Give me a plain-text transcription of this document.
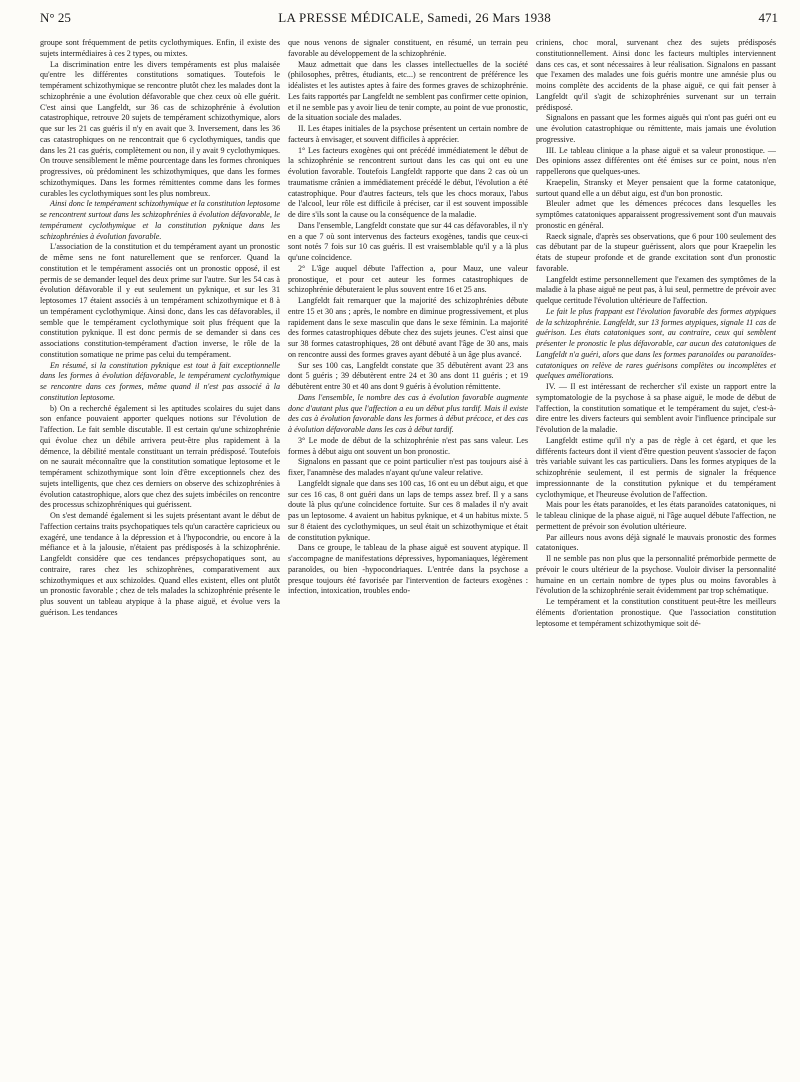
N° 25	LA PRESSE MÉDICALE, Samedi, 26 Mars 1938	471

groupe sont fréquemment de petits cyclothymiques. Enfin, il existe des sujets intermédiaires à ces 2 types, ou mixtes.

La discrimination entre les divers tempéraments est plus malaisée qu'entre les différentes constitutions somatiques. Toutefois le tempérament schizothymique se rencontre plutôt chez les malades dont la schizophrénie a une évolution défavorable que chez ceux où elle guérit. C'est ainsi que Langfeldt, sur 36 cas de schizophrénie à évolution catastrophique, retrouve 20 sujets de tempérament schizothymique, alors que sur les 21 cas guéris il n'y en avait que 3. Inversement, dans les 36 cas catastrophiques on ne rencontrait que 6 cyclothymiques, tandis que dans les 21 cas guéris, complètement ou non, il y avait 9 cyclothymiques. On trouve sensiblement le même pourcentage dans les formes chroniques progressives, où prédominent les schizothymiques, que dans les formes schizothymiques. Dans les formes rémittentes comme dans les formes curables les cyclothymiques sont les plus nombreux.

Ainsi donc le tempérament schizothymique et la constitution leptosome se rencontrent surtout dans les schizophrénies à évolution défavorable, le tempérament cyclothymique et la constitution pyknique dans les schizophrénies à évolution favorable.

L'association de la constitution et du tempérament ayant un pronostic de même sens ne font naturellement que se renforcer. Quand la constitution et le tempérament associés ont un pronostic opposé, il est permis de se demander lequel des deux prime sur l'autre. Sur les 54 cas à évolution défavorable il y eut seulement un pyknique, et sur les 31 leptosomes 17 étaient associés à un tempérament schizothymique et 8 à un tempérament cyclothymique. Ainsi donc, dans les cas défavorables, il semble que le tempérament cyclothymique soit plus fréquent que la constitution pyknique. Il est donc permis de se demander si dans ces associations constitution-tempérament d'action inverse, le rôle de la constitution somatique ne prime pas celui du tempérament.

En résumé, si la constitution pyknique est tout à fait exceptionnelle dans les formes à évolution défavorable, le tempérament cyclothymique se rencontre dans ces formes, même quand il n'est pas associé à la constitution leptosome.

b) On a recherché également si les aptitudes scolaires du sujet dans son enfance pouvaient apporter quelques notions sur l'évolution de l'affection. Le fait semble discutable. Il est certain qu'une schizophrénie qui évolue chez un débile arrivera peut-être plus rapidement à la démence, la débilité mentale constituant un terrain prédisposé. Toutefois on ne saurait méconnaître que la constitution somatique leptosome et le tempérament schizothymique sont loin d'être exceptionnels chez des sujets intelligents, que chez ces derniers on observe des schizophrénies à évolution catastrophique, alors que chez des sujets imbéciles on rencontre des processus schizophréniques qui guérissent.

On s'est demandé également si les sujets présentant avant le début de l'affection certains traits psychopatiques tels qu'un caractère capricieux ou exagéré, une tendance à la dépression et à l'hypocondrie, ou encore à la méfiance et à la jalousie, n'étaient pas prédisposés à la schizophrénie. Langfeldt considère que ces tendances prépsychopatiques sont, au contraire, rares chez les schizophrènes, comparativement aux schizothymiques et aux schizoïdes. Quand elles existent, elles ont plutôt un pronostic favorable ; chez de tels malades la schizophrénie présente le plus souvent un tableau atypique à la phase aiguë, et évolue vers la guérison. Les tendances

que nous venons de signaler constituent, en résumé, un terrain peu favorable au développement de la schizophrénie.

Mauz admettait que dans les classes intellectuelles de la société (philosophes, prêtres, étudiants, etc...) se rencontrent de préférence les idéalistes et les autistes aptes à faire des formes graves de schizophrénie. Les faits rapportés par Langfeldt ne semblent pas confirmer cette opinion, et il ne semble pas y avoir lieu de tenir compte, au point de vue pronostic, de la situation sociale des malades.

II. Les étapes initiales de la psychose présentent un certain nombre de facteurs à envisager, et souvent difficiles à apprécier.

1° Les facteurs exogènes qui ont précédé immédiatement le début de la schizophrénie se rencontrent surtout dans les cas qui ont eu une évolution favorable. Toutefois Langfeldt rapporte que dans 2 cas où un traumatisme crânien a immédiatement précédé le début, l'évolution a été catastrophique. Pour d'autres facteurs, tels que les chocs moraux, l'abus de l'alcool, leur rôle est difficile à préciser, car il est souvent impossible de dire s'ils sont la cause ou la conséquence de la maladie.

Dans l'ensemble, Langfeldt constate que sur 44 cas défavorables, il n'y en a que 7 où sont intervenus des facteurs exogènes, tandis que ceux-ci sont notés 7 fois sur 10 cas guéris. Il est vraisemblable qu'il y a là plus qu'une coïncidence.

2° L'âge auquel débute l'affection a, pour Mauz, une valeur pronostique, et pour cet auteur les formes catastrophiques de schizophrénie débuteraient le plus souvent entre 16 et 25 ans.

Langfeldt fait remarquer que la majorité des schizophrénies débute entre 15 et 30 ans ; après, le nombre en diminue progressivement, et plus rapidement dans le sexe masculin que dans le sexe féminin. La majorité des formes catastrophiques débute chez des sujets jeunes. C'est ainsi que sur 38 formes catastrophiques, 28 ont débuté avant l'âge de 30 ans, mais on rencontre aussi des formes graves ayant débuté à un âge plus avancé.

Sur ses 100 cas, Langfeldt constate que 35 débutèrent avant 23 ans dont 5 guéris ; 39 débutèrent entre 24 et 30 ans dont 11 guéris ; et 19 débutèrent entre 30 et 40 ans dont 9 guéris à évolution rémittente.

Dans l'ensemble, le nombre des cas à évolution favorable augmente donc d'autant plus que l'affection a eu un début plus tardif. Mais il existe des cas à évolution favorable dans les formes à début précoce, et des cas à évolution défavorable dans les cas à début tardif.

3° Le mode de début de la schizophrénie n'est pas sans valeur. Les formes à début aigu ont souvent un bon pronostic.

Signalons en passant que ce point particulier n'est pas toujours aisé à fixer, l'anamnèse des malades n'ayant qu'une valeur relative.

Langfeldt signale que dans ses 100 cas, 16 ont eu un début aigu, et que sur ces 16 cas, 8 ont guéri dans un laps de temps assez bref. Il y a sans doute là plus qu'une coïncidence fortuite. Sur ces 8 malades il n'y avait pas un leptosome. 4 avaient un habitus pyknique, et 4 un habitus mixte. 5 sur 8 étaient des cyclothymiques, un seul était un schizothymique et était de constitution pyknique.

Dans ce groupe, le tableau de la phase aiguë est souvent atypique. Il s'accompagne de manifestations dépressives, hypomaniaques, légèrement paranoïdes, ou bien -hypocondriaques. L'entrée dans la psychose a presque toujours été favorisée par l'intervention de facteurs exogènes : infection, intoxication, troubles endo-

criniens, choc moral, survenant chez des sujets prédisposés constitutionnellement. Ainsi donc les facteurs multiples interviennent dans ces cas, et sont nécessaires à leur réalisation. Signalons en passant que l'examen des malades une fois guéris montre une amnésie plus ou moins complète des accidents de la phase aiguë, ce qui fait penser à Langfeldt qu'il s'agit de schizophrénies survenant sur un terrain prédisposé.

Signalons en passant que les formes aiguës qui n'ont pas guéri ont eu une évolution catastrophique ou rémittente, mais jamais une évolution progressive.

III. Le tableau clinique a la phase aiguë et sa valeur pronostique. — Des opinions assez différentes ont été émises sur ce point, nous n'en rappellerons que quelques-unes.

Kraepelin, Stransky et Meyer pensaient que la forme catatonique, surtout quand elle a un début aigu, est d'un bon pronostic.

Bleuler admet que les démences précoces dans lesquelles les symptômes catatoniques apparaissent progressivement sont d'un mauvais pronostic en général.

Raeck signale, d'après ses observations, que 6 pour 100 seulement des cas débutant par de la stupeur guérissent, alors que pour Kraepelin les états de stupeur profonde et de grande excitation sont d'un pronostic favorable.

Langfeldt estime personnellement que l'examen des symptômes de la maladie à la phase aiguë ne peut pas, à lui seul, permettre de prévoir avec quelque certitude l'évolution ultérieure de l'affection.

Le fait le plus frappant est l'évolution favorable des formes atypiques de la schizophrénie. Langfeldt, sur 13 formes atypiques, signale 11 cas de guérison. Les états catatoniques sont, au contraire, ceux qui semblent présenter le pronostic le plus défavorable, car aucun des catatoniques de Langfeldt n'a guéri, alors que dans les formes paranoïdes ou paranoïdes-catatoniques on relève de rares guérisons complètes ou incomplètes et quelques améliorations.

IV. — Il est intéressant de rechercher s'il existe un rapport entre la symptomatologie de la psychose à sa phase aiguë, le mode de début de l'affection, la constitution somatique et le tempérament du sujet, c'est-à-dire entre les divers facteurs qui semblent avoir l'influence principale sur l'évolution de la maladie.

Langfeldt estime qu'il n'y a pas de règle à cet égard, et que les différents facteurs dont il vient d'être question peuvent s'associer de façon très variable suivant les cas particuliers. Dans les formes atypiques de la schizophrénie seulement, il est permis de signaler la fréquence impressionnante de la constitution pyknique et du tempérament cyclothymique, et l'heureuse évolution de l'affection.

Mais pour les états paranoïdes, et les états paranoïdes catatoniques, ni le tableau clinique de la phase aiguë, ni l'âge auquel débute l'affection, ne permettent de prévoir son évolution ultérieure.

Par ailleurs nous avons déjà signalé le mauvais pronostic des formes catatoniques.

Il ne semble pas non plus que la personnalité prémorbide permette de prévoir le cours ultérieur de la psychose. Vouloir diviser la personnalité humaine en un certain nombre de types plus ou moins favorables à l'évolution de la schizophrénie serait évidemment par trop schématique.

Le tempérament et la constitution constituent peut-être les meilleurs éléments d'orientation pronostique. Que l'association constitution leptosome et tempérament schizothymique soit dé-
